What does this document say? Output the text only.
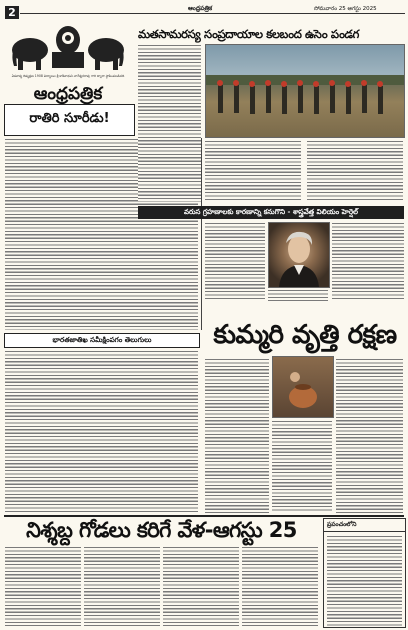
2	ఆంధ్రపత్రిక	సోమవారం 25 ఆగస్టు 2025
ఏకవాక్య దిక్ముద్రణ 1908 విద్యాబల శ్రీ కాశీనాథుని నాగేశ్వరరావు గారి ద్వారా స్థాపింపబడినది
ఆంధ్రపత్రిక
మతసామరస్య సంప్రదాయాల కలబంద ఉసెం పండగ
రాతిరి సూరీడు!
భారతజాతిఖ సమీక్షింపగం తెలుగులు
వరుస గ్రహణాలకు కారణాన్ని కనుగొని - శాస్త్రవేత్త విలియం హెర్షెల్
కుమ్మరి వృత్తి రక్షణ
నిశ్శబ్ద గోడలు కరిగే వేళ-ఆగస్టు 25	ప్రపంచంలోని
